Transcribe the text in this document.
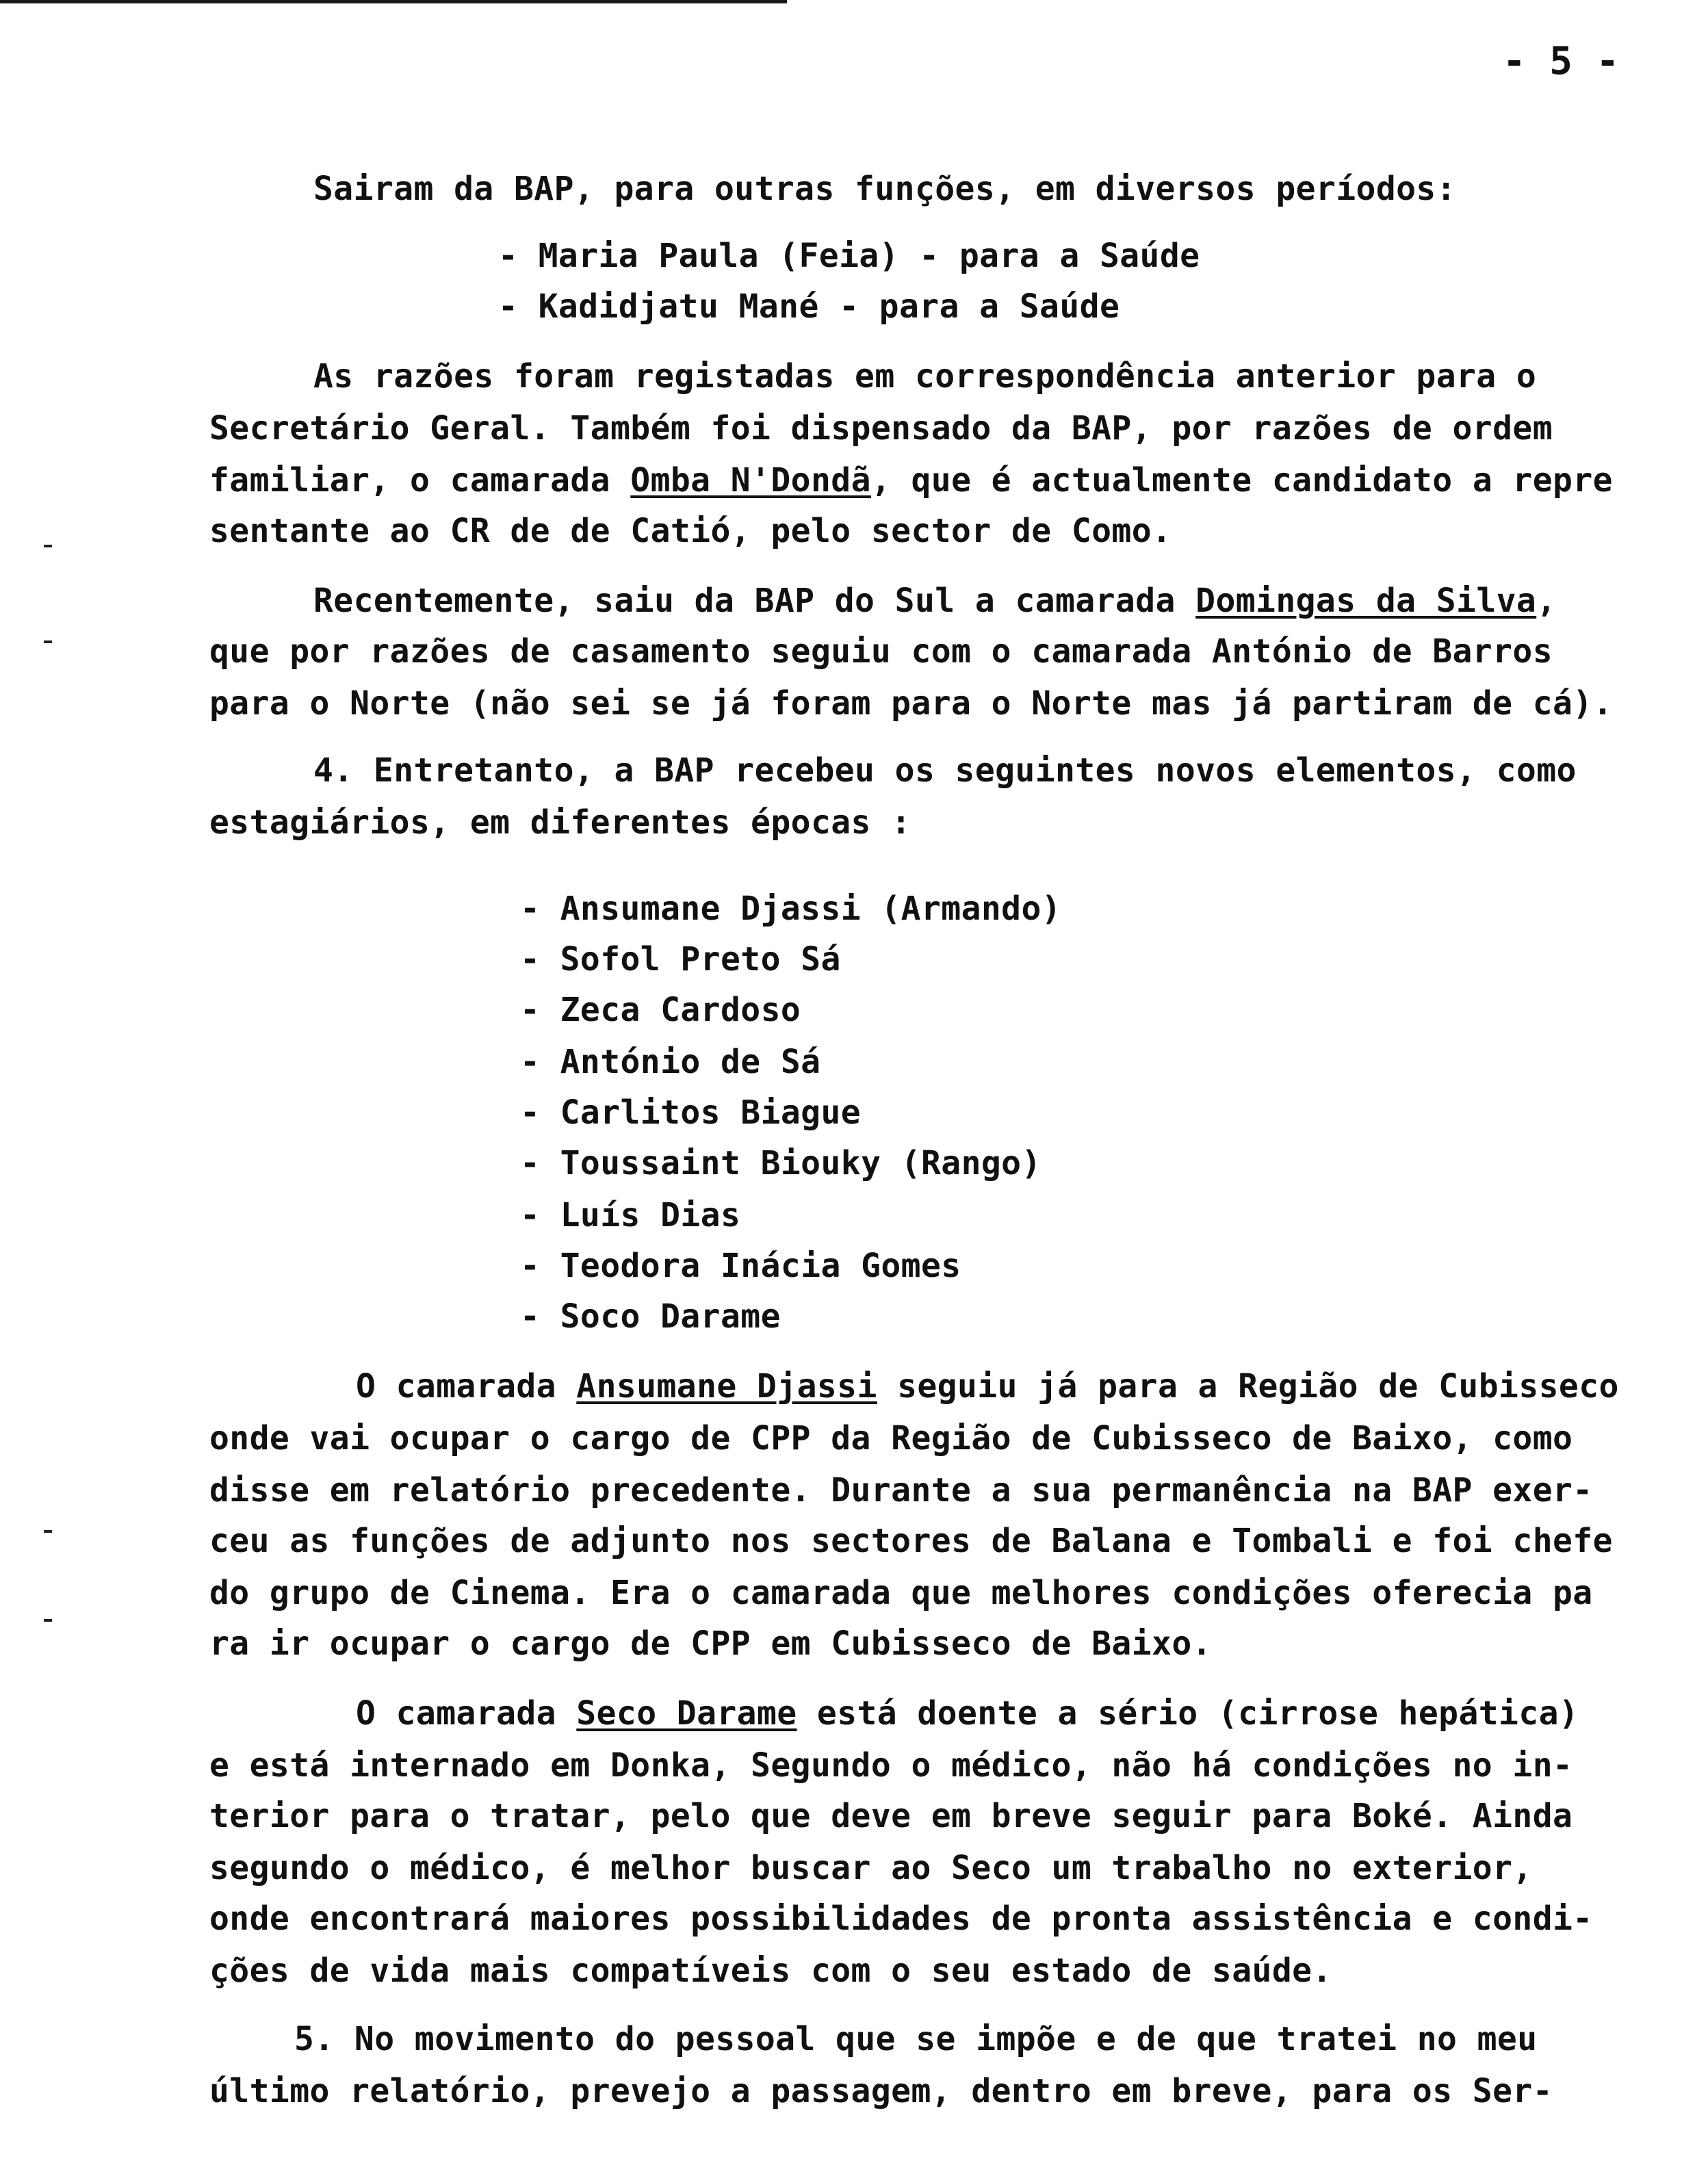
- 5 -
Sairam da BAP, para outras funções, em diversos períodos:
- Maria Paula (Feia) - para a Saúde
- Kadidjatu Mané - para a Saúde
As razões foram registadas em correspondência anterior para o
Secretário Geral. Também foi dispensado da BAP, por razões de ordem
familiar, o camarada Omba N'Dondã, que é actualmente candidato a repre
sentante ao CR de de Catió, pelo sector de Como.
Recentemente, saiu da BAP do Sul a camarada Domingas da Silva,
que por razões de casamento seguiu com o camarada António de Barros
para o Norte (não sei se já foram para o Norte mas já partiram de cá).
4. Entretanto, a BAP recebeu os seguintes novos elementos, como
estagiários, em diferentes épocas :
- Ansumane Djassi (Armando)
- Sofol Preto Sá
- Zeca Cardoso
- António de Sá
- Carlitos Biague
- Toussaint Biouky (Rango)
- Luís Dias
- Teodora Inácia Gomes
- Soco Darame
O camarada Ansumane Djassi seguiu já para a Região de Cubisseco
onde vai ocupar o cargo de CPP da Região de Cubisseco de Baixo, como
disse em relatório precedente. Durante a sua permanência na BAP exer-
ceu as funções de adjunto nos sectores de Balana e Tombali e foi chefe
do grupo de Cinema. Era o camarada que melhores condições oferecia pa
ra ir ocupar o cargo de CPP em Cubisseco de Baixo.
O camarada Seco Darame está doente a sério (cirrose hepática)
e está internado em Donka, Segundo o médico, não há condições no in-
terior para o tratar, pelo que deve em breve seguir para Boké. Ainda
segundo o médico, é melhor buscar ao Seco um trabalho no exterior,
onde encontrará maiores possibilidades de pronta assistência e condi-
ções de vida mais compatíveis com o seu estado de saúde.
5. No movimento do pessoal que se impõe e de que tratei no meu
último relatório, prevejo a passagem, dentro em breve, para os Ser-
